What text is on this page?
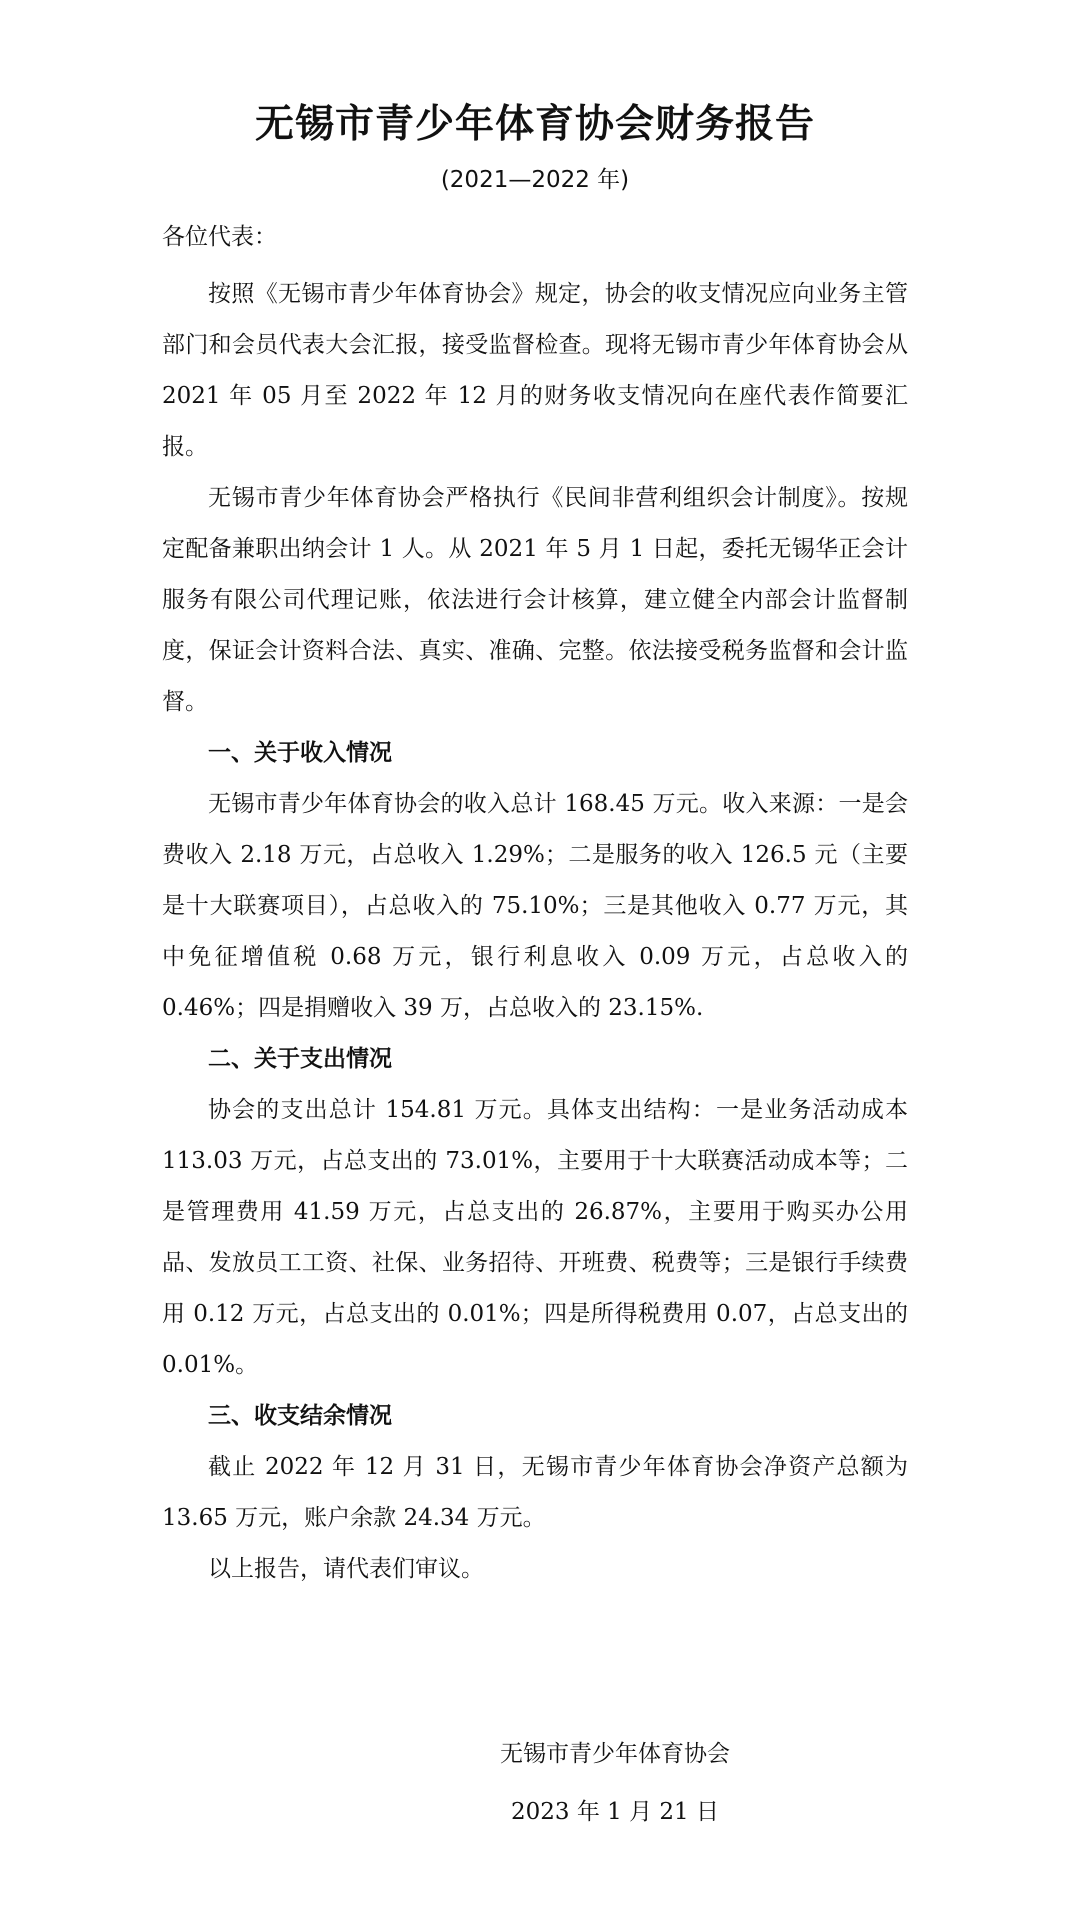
无锡市青少年体育协会财务报告
(2021—2022 年)

各位代表：

按照《无锡市青少年体育协会》规定，协会的收支情况应向业务主管部门和会员代表大会汇报，接受监督检查。现将无锡市青少年体育协会从 2021 年 05 月至 2022 年 12 月的财务收支情况向在座代表作简要汇报。

无锡市青少年体育协会严格执行《民间非营利组织会计制度》。按规定配备兼职出纳会计 1 人。从 2021 年 5 月 1 日起，委托无锡华正会计服务有限公司代理记账，依法进行会计核算，建立健全内部会计监督制度，保证会计资料合法、真实、准确、完整。依法接受税务监督和会计监督。

一、关于收入情况

无锡市青少年体育协会的收入总计 168.45 万元。收入来源：一是会费收入 2.18 万元，占总收入 1.29%；二是服务的收入 126.5 元（主要是十大联赛项目），占总收入的 75.10%；三是其他收入 0.77 万元，其中免征增值税 0.68 万元，银行利息收入 0.09 万元，占总收入的 0.46%；四是捐赠收入 39 万，占总收入的 23.15%.

二、关于支出情况

协会的支出总计 154.81 万元。具体支出结构：一是业务活动成本 113.03 万元，占总支出的 73.01%，主要用于十大联赛活动成本等；二是管理费用 41.59 万元，占总支出的 26.87%，主要用于购买办公用品、发放员工工资、社保、业务招待、开班费、税费等；三是银行手续费用 0.12 万元，占总支出的 0.01%；四是所得税费用 0.07，占总支出的 0.01%。

三、收支结余情况

截止 2022 年 12 月 31 日，无锡市青少年体育协会净资产总额为 13.65 万元，账户余款 24.34 万元。

以上报告，请代表们审议。

无锡市青少年体育协会
2023 年 1 月 21 日
